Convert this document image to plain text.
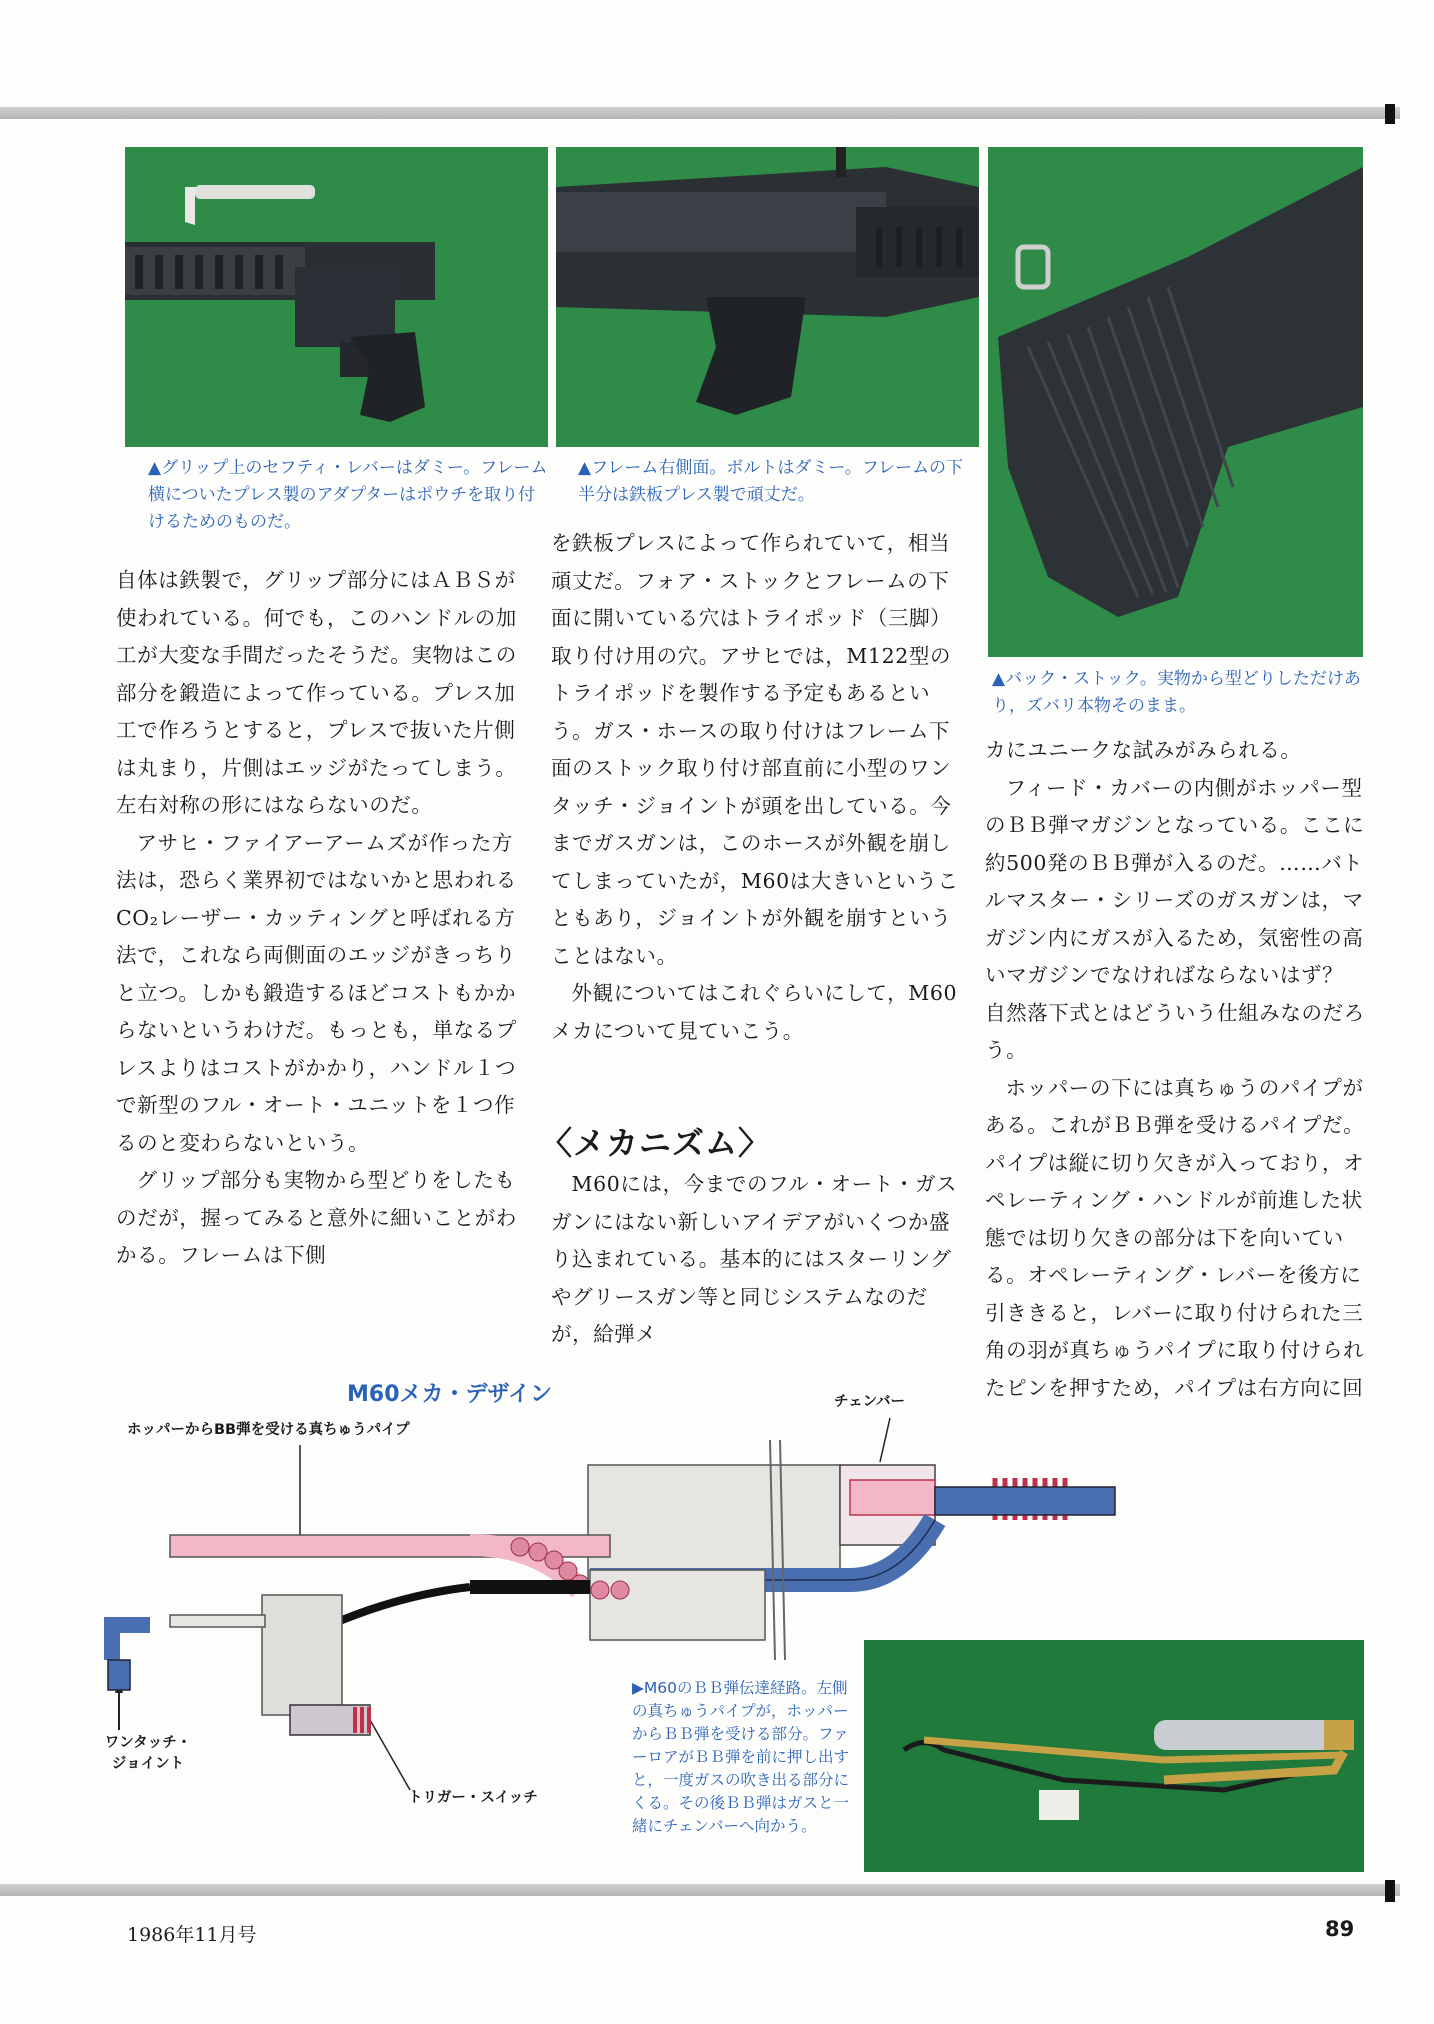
▲グリップ上のセフティ・レバーはダミー。フレーム横についたプレス製のアダプターはポウチを取り付けるためのものだ。
▲フレーム右側面。ボルトはダミー。フレームの下半分は鉄板プレス製で頑丈だ。
▲バック・ストック。実物から型どりしただけあり，ズバリ本物そのまま。

自体は鉄製で，グリップ部分にはＡＢＳが使われている。何でも，このハンドルの加工が大変な手間だったそうだ。実物はこの部分を鍛造によって作っている。プレス加工で作ろうとすると，プレスで抜いた片側は丸まり，片側はエッジがたってしまう。左右対称の形にはならないのだ。

アサヒ・ファイアーアームズが作った方法は，恐らく業界初ではないかと思われるCO₂レーザー・カッティングと呼ばれる方法で，これなら両側面のエッジがきっちりと立つ。しかも鍛造するほどコストもかからないというわけだ。もっとも，単なるプレスよりはコストがかかり，ハンドル１つで新型のフル・オート・ユニットを１つ作るのと変わらないという。

グリップ部分も実物から型どりをしたものだが，握ってみると意外に細いことがわかる。フレームは下側

を鉄板プレスによって作られていて，相当頑丈だ。フォア・ストックとフレームの下面に開いている穴はトライポッド（三脚）取り付け用の穴。アサヒでは，M122型のトライポッドを製作する予定もあるという。ガス・ホースの取り付けはフレーム下面のストック取り付け部直前に小型のワンタッチ・ジョイントが頭を出している。今までガスガンは，このホースが外観を崩してしまっていたが，M60は大きいということもあり，ジョイントが外観を崩すということはない。

外観についてはこれぐらいにして，M60メカについて見ていこう。

〈メカニズム〉

M60には，今までのフル・オート・ガスガンにはない新しいアイデアがいくつか盛り込まれている。基本的にはスターリングやグリースガン等と同じシステムなのだが，給弾メ

カにユニークな試みがみられる。

フィード・カバーの内側がホッパー型のＢＢ弾マガジンとなっている。ここに約500発のＢＢ弾が入るのだ。……バトルマスター・シリーズのガスガンは，マガジン内にガスが入るため，気密性の高いマガジンでなければならないはず？　自然落下式とはどういう仕組みなのだろう。

ホッパーの下には真ちゅうのパイプがある。これがＢＢ弾を受けるパイプだ。パイプは縦に切り欠きが入っており，オペレーティング・ハンドルが前進した状態では切り欠きの部分は下を向いている。オペレーティング・レバーを後方に引ききると，レバーに取り付けられた三角の羽が真ちゅうパイプに取り付けられたピンを押すため，パイプは右方向に回

M60メカ・デザイン
ホッパーからBB弾を受ける真ちゅうパイプ
チェンバー
ワンタッチ・ジョイント
トリガー・スイッチ
▶M60のＢＢ弾伝達経路。左側の真ちゅうパイプが，ホッパーからＢＢ弾を受ける部分。ファーロアがＢＢ弾を前に押し出すと，一度ガスの吹き出る部分にくる。その後ＢＢ弾はガスと一緒にチェンバーへ向かう。
1986年11月号	89
